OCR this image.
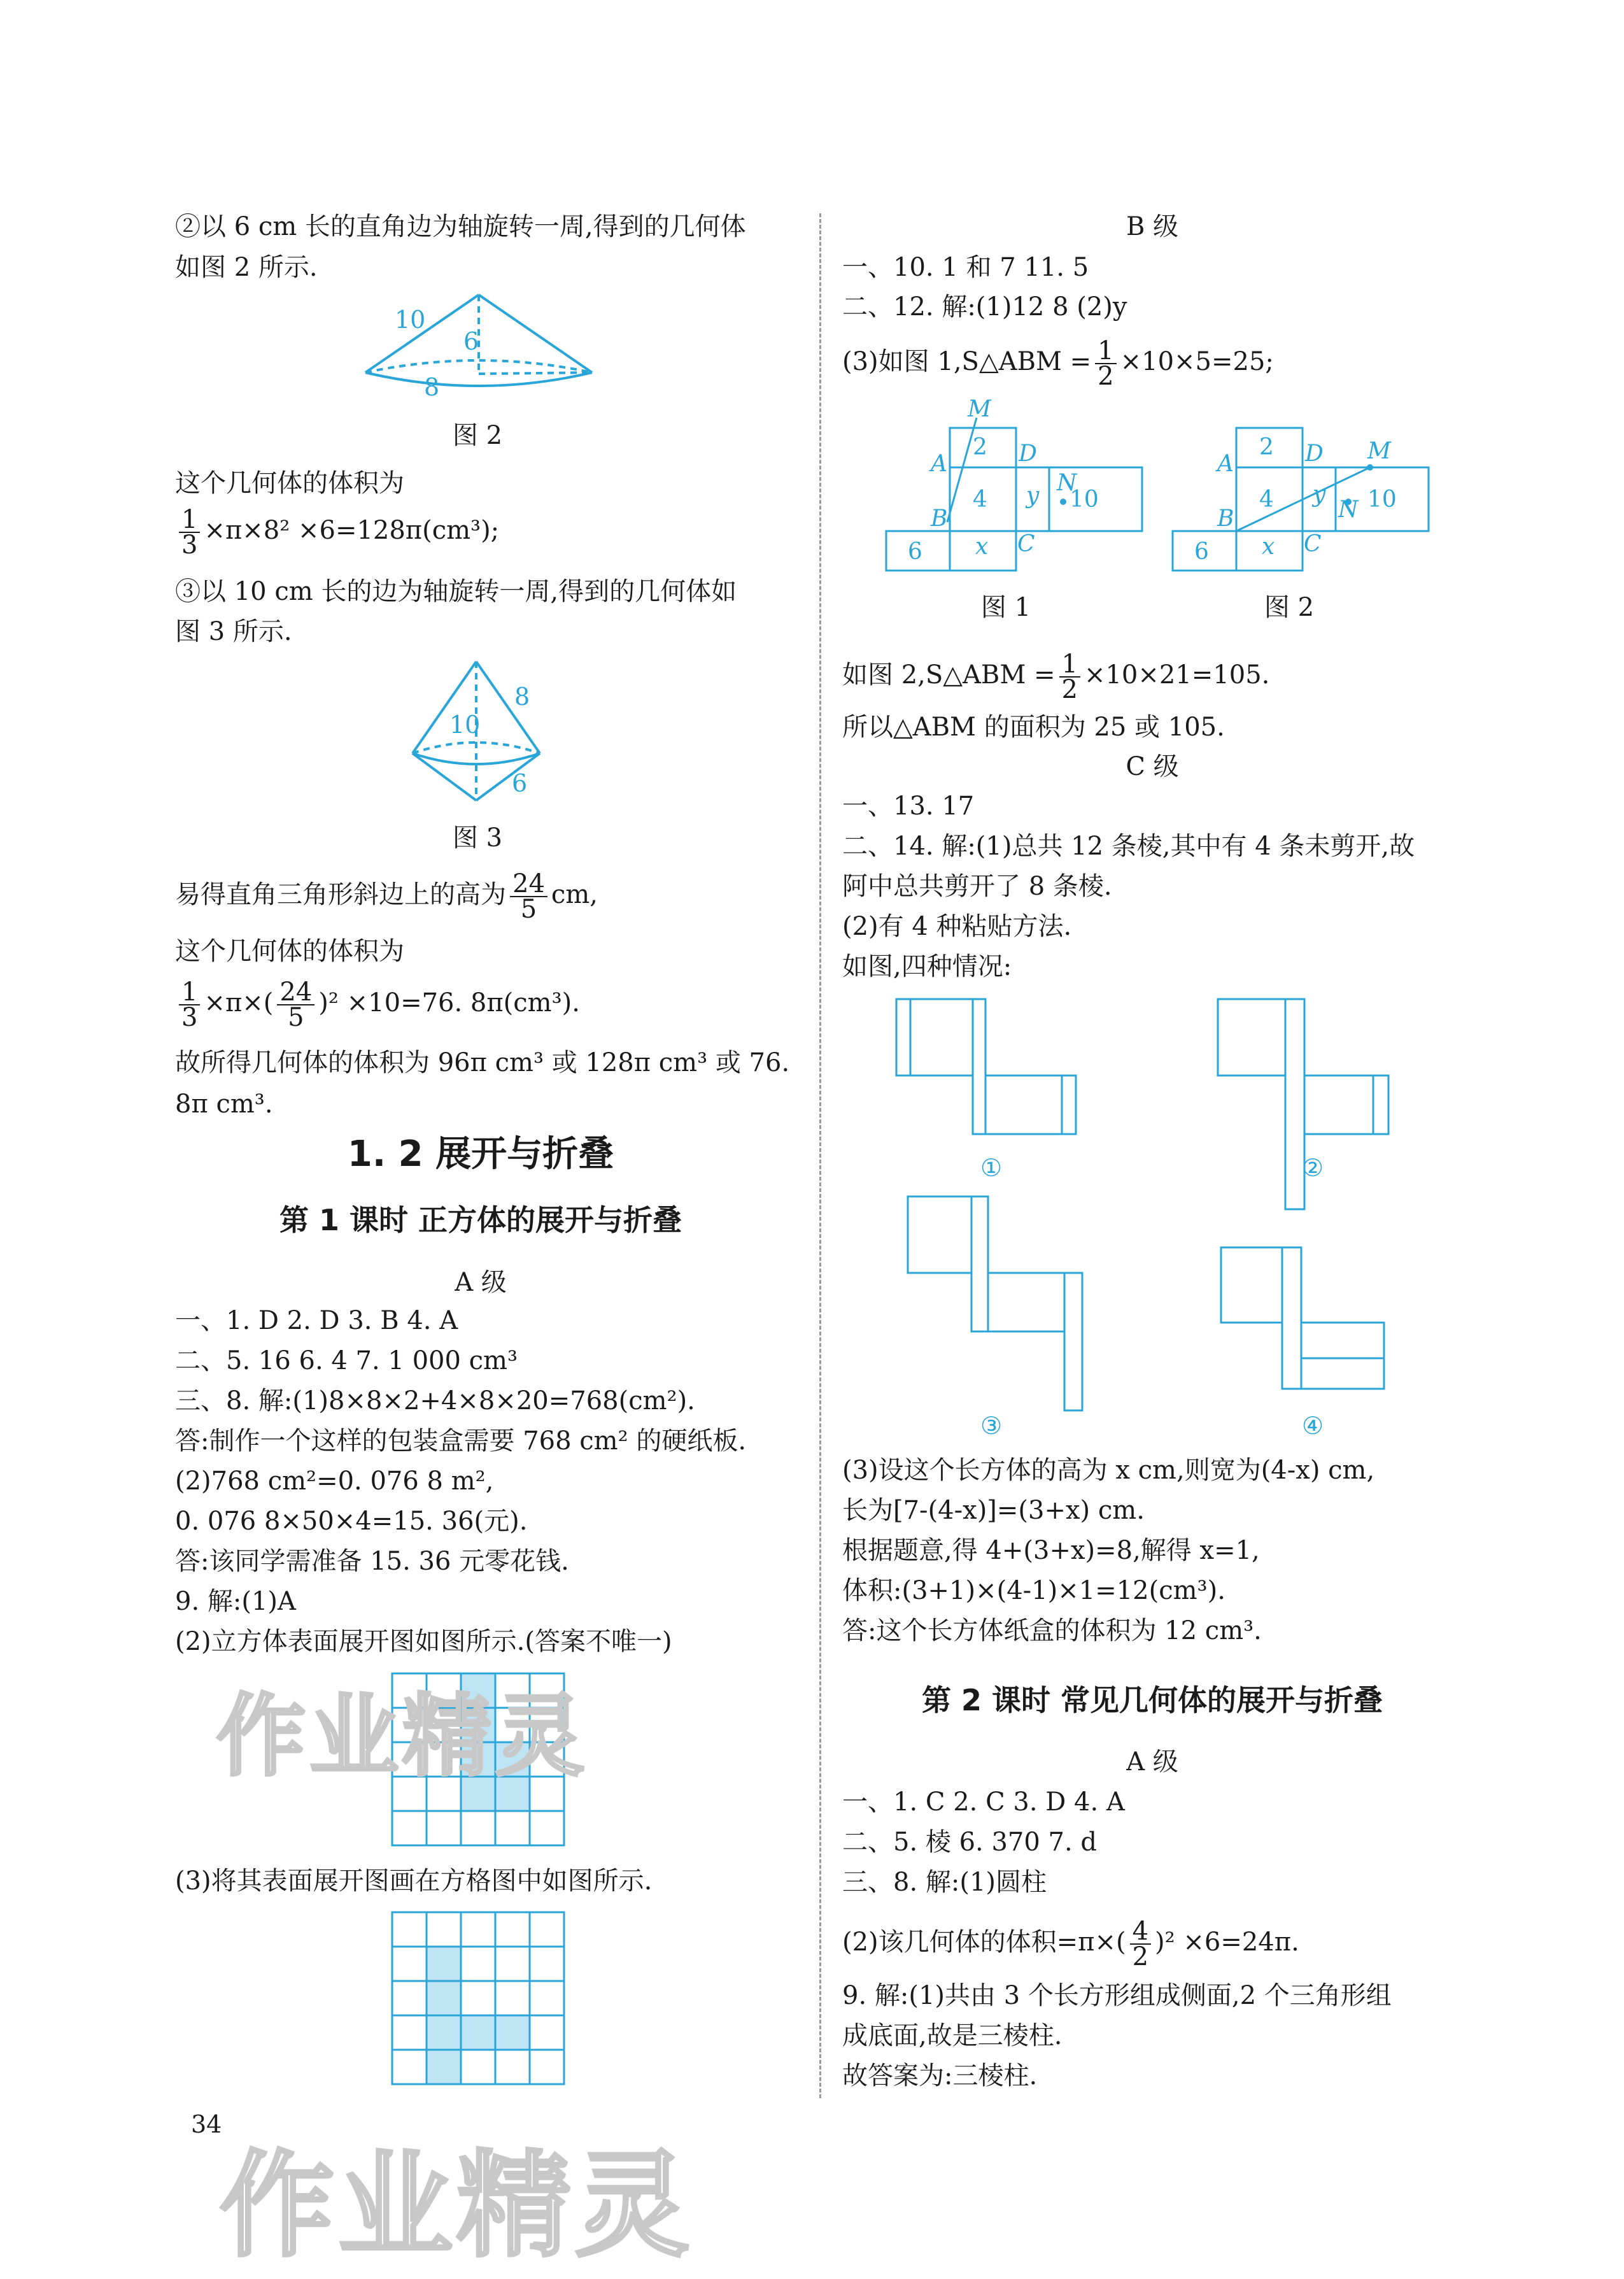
②以 6 cm 长的直角边为轴旋转一周,得到的几何体
如图 2 所示.
10
6
8
图 2
这个几何体的体积为
$\frac{1}{3} \times\pi\times 8^2 \times 6=128\pi(cm^3)$;
③以 10 cm 长的边为轴旋转一周,得到的几何体如
图 3 所示.
10
8
6
图 3
易得直角三角形斜边上的高为 $\frac{24}{5}$ cm,
这个几何体的体积为
$\frac{1}{3} \times\pi\times( \frac{24}{5} )^2 \times 10=76$. 8π(cm³).
故所得几何体的体积为 96π cm³ 或 128π cm³ 或 76.
8π cm³.
1. 2 展开与折叠
第 1 课时 正方体的展开与折叠
A 级
一、1. D 2. D 3. B 4. A
二、5. 16 6. 4 7. 1 000 cm³
三、8. 解:(1)8×8×2+4×8×20=768(cm²).
答:制作一个这样的包装盒需要 768 cm² 的硬纸板.
(2)768 cm²=0. 076 8 m²,
0. 076 8×50×4=15. 36(元).
答:该同学需准备 15. 36 元零花钱.
9. 解:(1)A
(2)立方体表面展开图如图所示.(答案不唯一)
作业精灵
(3)将其表面展开图画在方格图中如图所示.
34
作业精灵
B 级
一、10. 1 和 7 11. 5
二、12. 解:(1)12 8 (2)y
(3)如图 1,S△ABM = $\frac{1}{2} \times 10\times 5=25$;
M
A
B
C
D
N
x
y
2
4
6
10
图 1
M
A
B
C
D
N
x
y
2
4
6
10
图 2
如图 2,S△ABM = $\frac{1}{2} \times 10\times 21=105$.
所以△ABM 的面积为 25 或 105.
C 级
一、13. 17
二、14. 解:(1)总共 12 条棱,其中有 4 条未剪开,故
阿中总共剪开了 8 条棱.
(2)有 4 种粘贴方法.
如图,四种情况:
①	②
③	④
(3)设这个长方体的高为 x cm,则宽为(4-x) cm,
长为[7-(4-x)]=(3+x) cm.
根据题意,得 4+(3+x)=8,解得 x=1,
体积:(3+1)×(4-1)×1=12(cm³).
答:这个长方体纸盒的体积为 12 cm³.
第 2 课时 常见几何体的展开与折叠
A 级
一、1. C 2. C 3. D 4. A
二、5. 棱 6. 370 7. d
三、8. 解:(1)圆柱
(2)该几何体的体积$=\pi\times( \frac{4}{2} )^2 \times 6=24\pi$.
9. 解:(1)共由 3 个长方形组成侧面,2 个三角形组
成底面,故是三棱柱.
故答案为:三棱柱.
